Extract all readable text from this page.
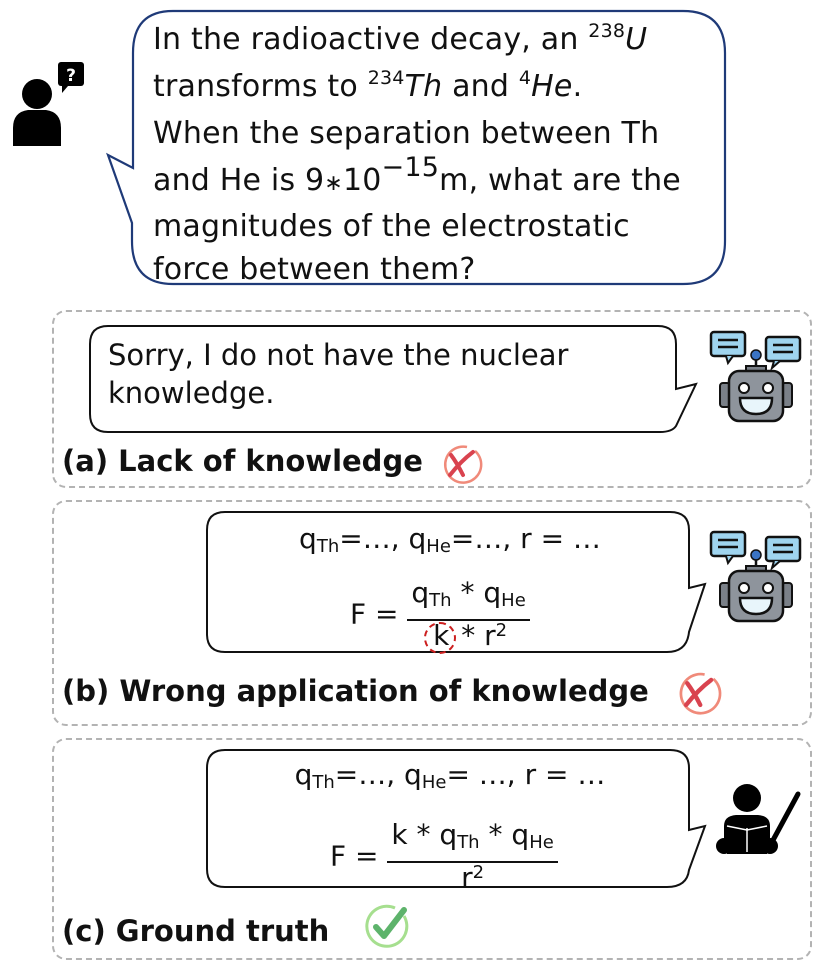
?
In the radioactive decay, an $^{238}$U
transforms to $^{234}$Th and $^4$He.
When the separation between Th
and He is 9∗10−15m, what are the
magnitudes of the electrostatic
force between them?
Sorry, I do not have the nuclear
knowledge.
(a) Lack of knowledge
$q_{Th}=\dots$, $q_{He}=\dots$, r = …
$F = \frac{q_{Th} * q_{He}}{k * r^2}$
(b) Wrong application of knowledge
$q_{Th}=\dots$, $q_{He}=$ …, r = …
$F = \frac{k * q_{Th} * q_{He}}{r^2}$
(c) Ground truth
